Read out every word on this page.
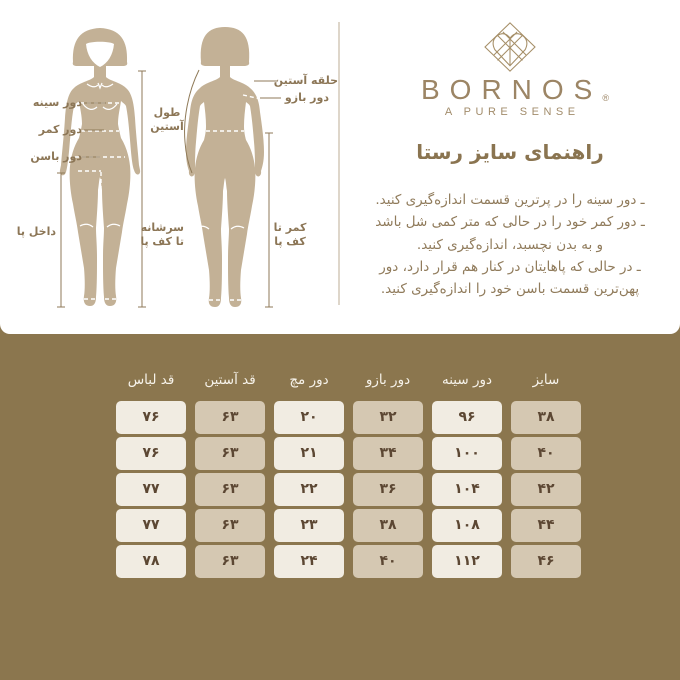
دور سینه
دور کمر
دور باسن
داخل پا	سرشانه
تا کف پا
طول
آستین
حلقه آستین
دور بازو
کمر تا
کف پا
BORNOS®
A PURE SENSE
راهنمای سایز رستا
ـ دور سینه را در پرترین قسمت اندازه‌گیری کنید.
ـ دور کمر خود را در حالی که متر کمی شل باشد
و به بدن نچسبد، اندازه‌گیری کنید.
ـ در حالی که پاهایتان در کنار هم قرار دارد، دور
پهن‌ترین قسمت باسن خود را اندازه‌گیری کنید.
سایز
۳۸
۴۰
۴۲
۴۴
۴۶
دور سینه
۹۶
۱۰۰
۱۰۴
۱۰۸
۱۱۲
دور بازو
۳۲
۳۴
۳۶
۳۸
۴۰
دور مچ
۲۰
۲۱
۲۲
۲۳
۲۴
قد آستین
۶۳
۶۳
۶۳
۶۳
۶۳
قد لباس
۷۶
۷۶
۷۷
۷۷
۷۸
